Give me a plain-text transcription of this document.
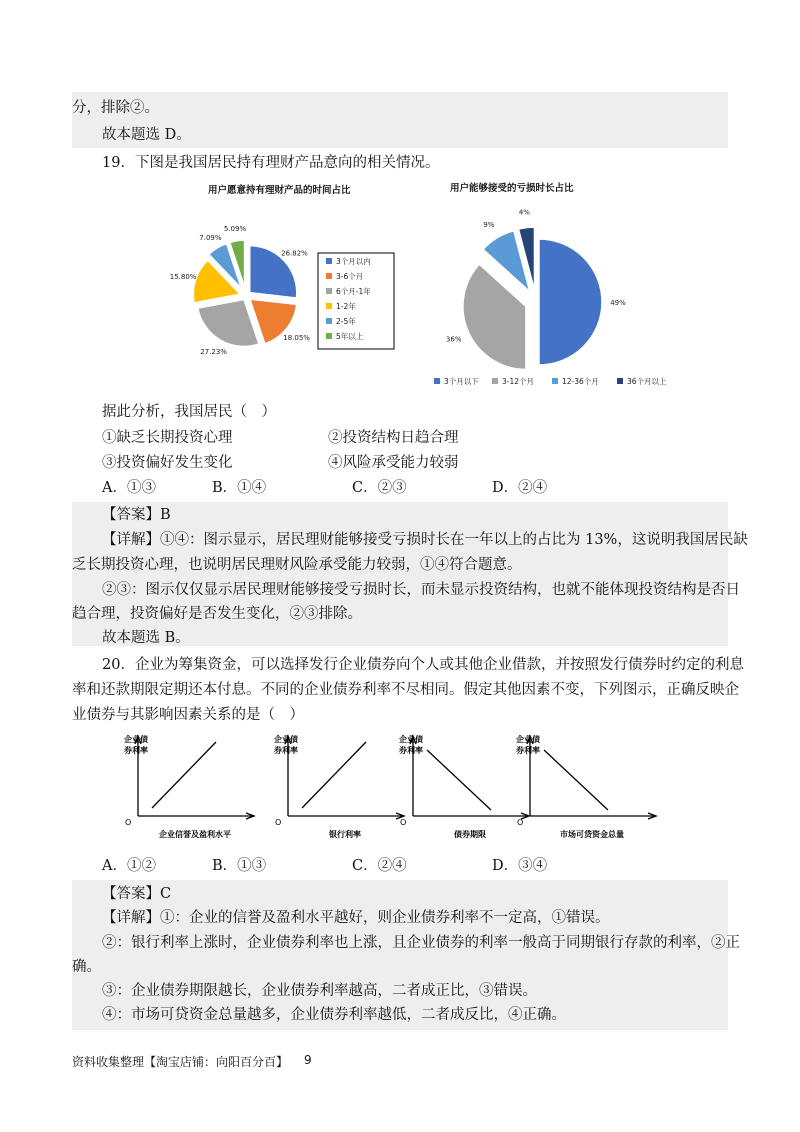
分，排除②。
故本题选 D。
19．下图是我国居民持有理财产品意向的相关情况。
用户愿意持有理财产品的时间占比	用户能够接受的亏损时长占比
26.82%
18.05%
27.23%
15.80%
7.09%
5.09%
3个月以内
3-6个月
6个月-1年
1-2年
2-5年
5年以上
49%
36%
9%
4%
3个月以下	3-12个月	12-36个月	36个月以上
据此分析，我国居民（　）
①缺乏长期投资心理	②投资结构日趋合理
③投资偏好发生变化	④风险承受能力较弱
A．①③	B．①④	C．②③	D．②④
【答案】B
【详解】①④：图示显示，居民理财能够接受亏损时长在一年以上的占比为 13%，这说明我国居民缺
乏长期投资心理，也说明居民理财风险承受能力较弱，①④符合题意。
②③：图示仅仅显示居民理财能够接受亏损时长，而未显示投资结构，也就不能体现投资结构是否日
趋合理，投资偏好是否发生变化，②③排除。
故本题选 B。
20．企业为筹集资金，可以选择发行企业债券向个人或其他企业借款，并按照发行债券时约定的利息
率和还款期限定期还本付息。不同的企业债券利率不尽相同。假定其他因素不变，下列图示，正确反映企
业债券与其影响因素关系的是（　）
O
企业债
券利率
企业信誉及盈利水平
O
企业债
券利率
银行利率
O
企业债
券利率
债券期限
O
企业债
券利率
市场可贷资金总量
A．①②	B．①③	C．②④	D．③④
【答案】C
【详解】①：企业的信誉及盈利水平越好，则企业债券利率不一定高，①错误。
②：银行利率上涨时，企业债券利率也上涨，且企业债券的利率一般高于同期银行存款的利率，②正
确。
③：企业债券期限越长，企业债券利率越高，二者成正比，③错误。
④：市场可贷资金总量越多，企业债券利率越低，二者成反比，④正确。
资料收集整理【淘宝店铺：向阳百分百】 9
